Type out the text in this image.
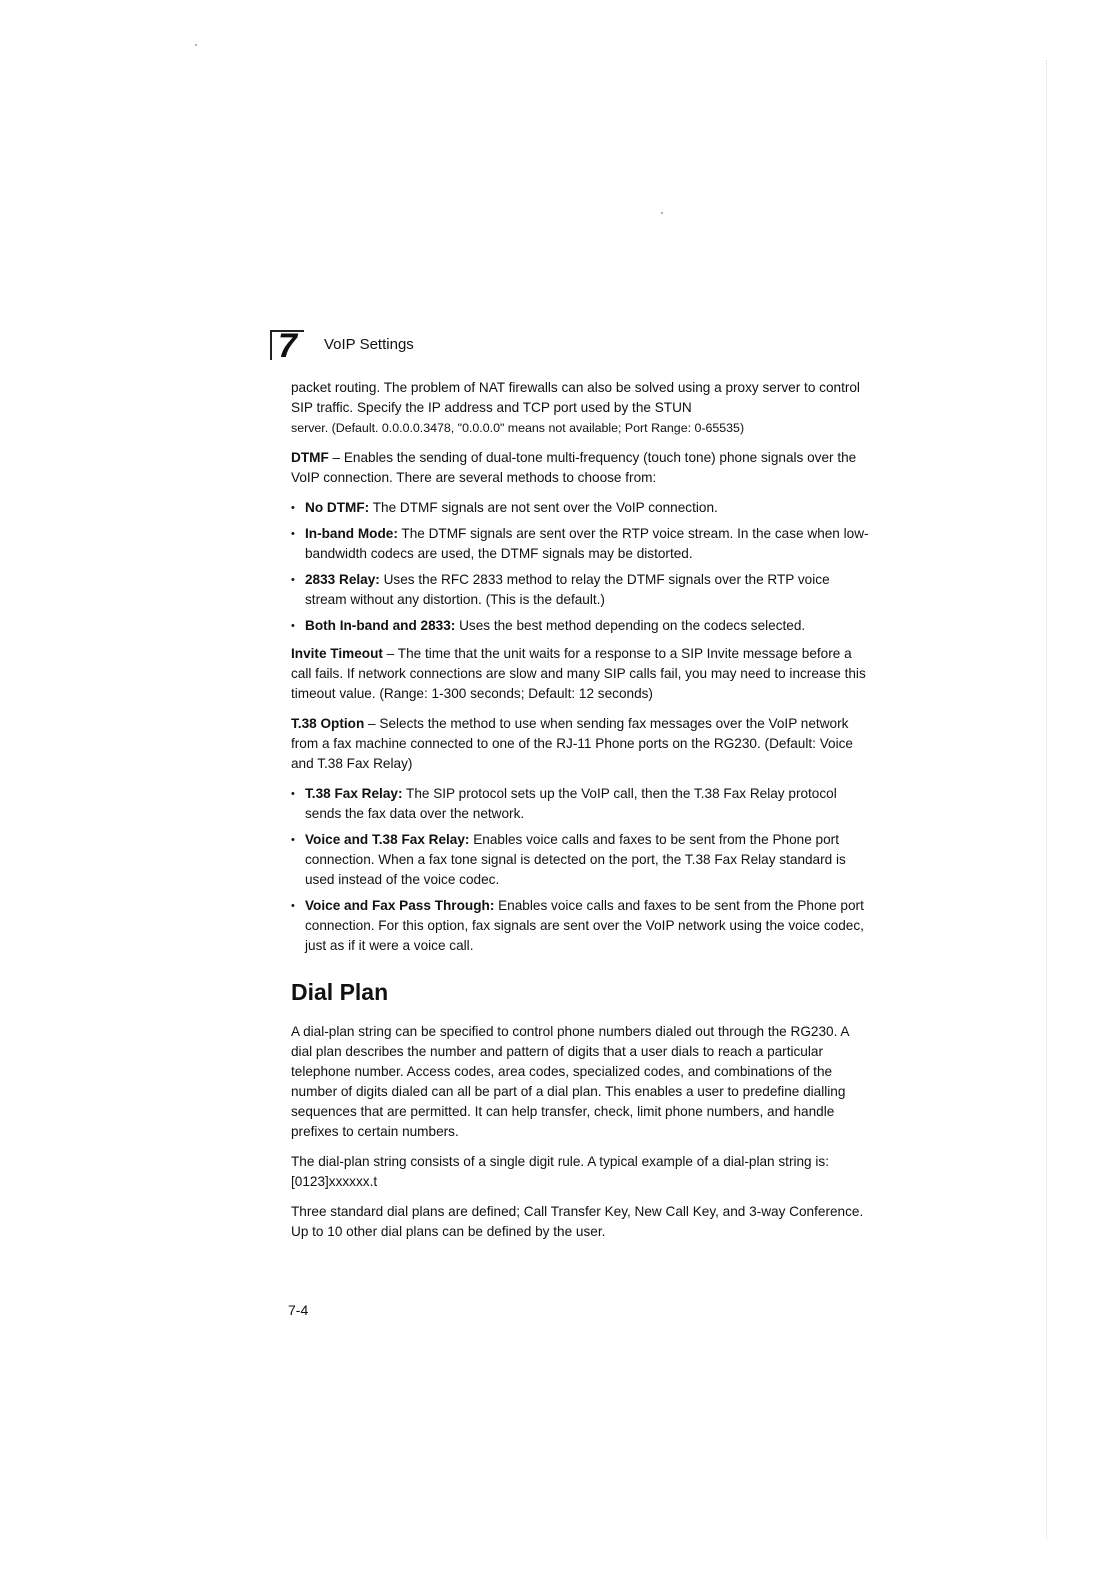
7 VoIP Settings

packet routing. The problem of NAT firewalls can also be solved using a proxy server to control SIP traffic. Specify the IP address and TCP port used by the STUN
server. (Default. 0.0.0.0.3478, "0.0.0.0" means not available; Port Range: 0-65535)

DTMF – Enables the sending of dual-tone multi-frequency (touch tone) phone signals over the VoIP connection. There are several methods to choose from:

• No DTMF: The DTMF signals are not sent over the VoIP connection.
• In-band Mode: The DTMF signals are sent over the RTP voice stream. In the case when low-bandwidth codecs are used, the DTMF signals may be distorted.
• 2833 Relay: Uses the RFC 2833 method to relay the DTMF signals over the RTP voice stream without any distortion. (This is the default.)
• Both In-band and 2833: Uses the best method depending on the codecs selected.

Invite Timeout – The time that the unit waits for a response to a SIP Invite message before a call fails. If network connections are slow and many SIP calls fail, you may need to increase this timeout value. (Range: 1-300 seconds; Default: 12 seconds)

T.38 Option – Selects the method to use when sending fax messages over the VoIP network from a fax machine connected to one of the RJ-11 Phone ports on the RG230. (Default: Voice and T.38 Fax Relay)

• T.38 Fax Relay: The SIP protocol sets up the VoIP call, then the T.38 Fax Relay protocol sends the fax data over the network.
• Voice and T.38 Fax Relay: Enables voice calls and faxes to be sent from the Phone port connection. When a fax tone signal is detected on the port, the T.38 Fax Relay standard is used instead of the voice codec.
• Voice and Fax Pass Through: Enables voice calls and faxes to be sent from the Phone port connection. For this option, fax signals are sent over the VoIP network using the voice codec, just as if it were a voice call.
Dial Plan

A dial-plan string can be specified to control phone numbers dialed out through the RG230. A dial plan describes the number and pattern of digits that a user dials to reach a particular telephone number. Access codes, area codes, specialized codes, and combinations of the number of digits dialed can all be part of a dial plan. This enables a user to predefine dialling sequences that are permitted. It can help transfer, check, limit phone numbers, and handle prefixes to certain numbers.

The dial-plan string consists of a single digit rule. A typical example of a dial-plan string is: [0123]xxxxxx.t

Three standard dial plans are defined; Call Transfer Key, New Call Key, and 3-way Conference. Up to 10 other dial plans can be defined by the user.

7-4
